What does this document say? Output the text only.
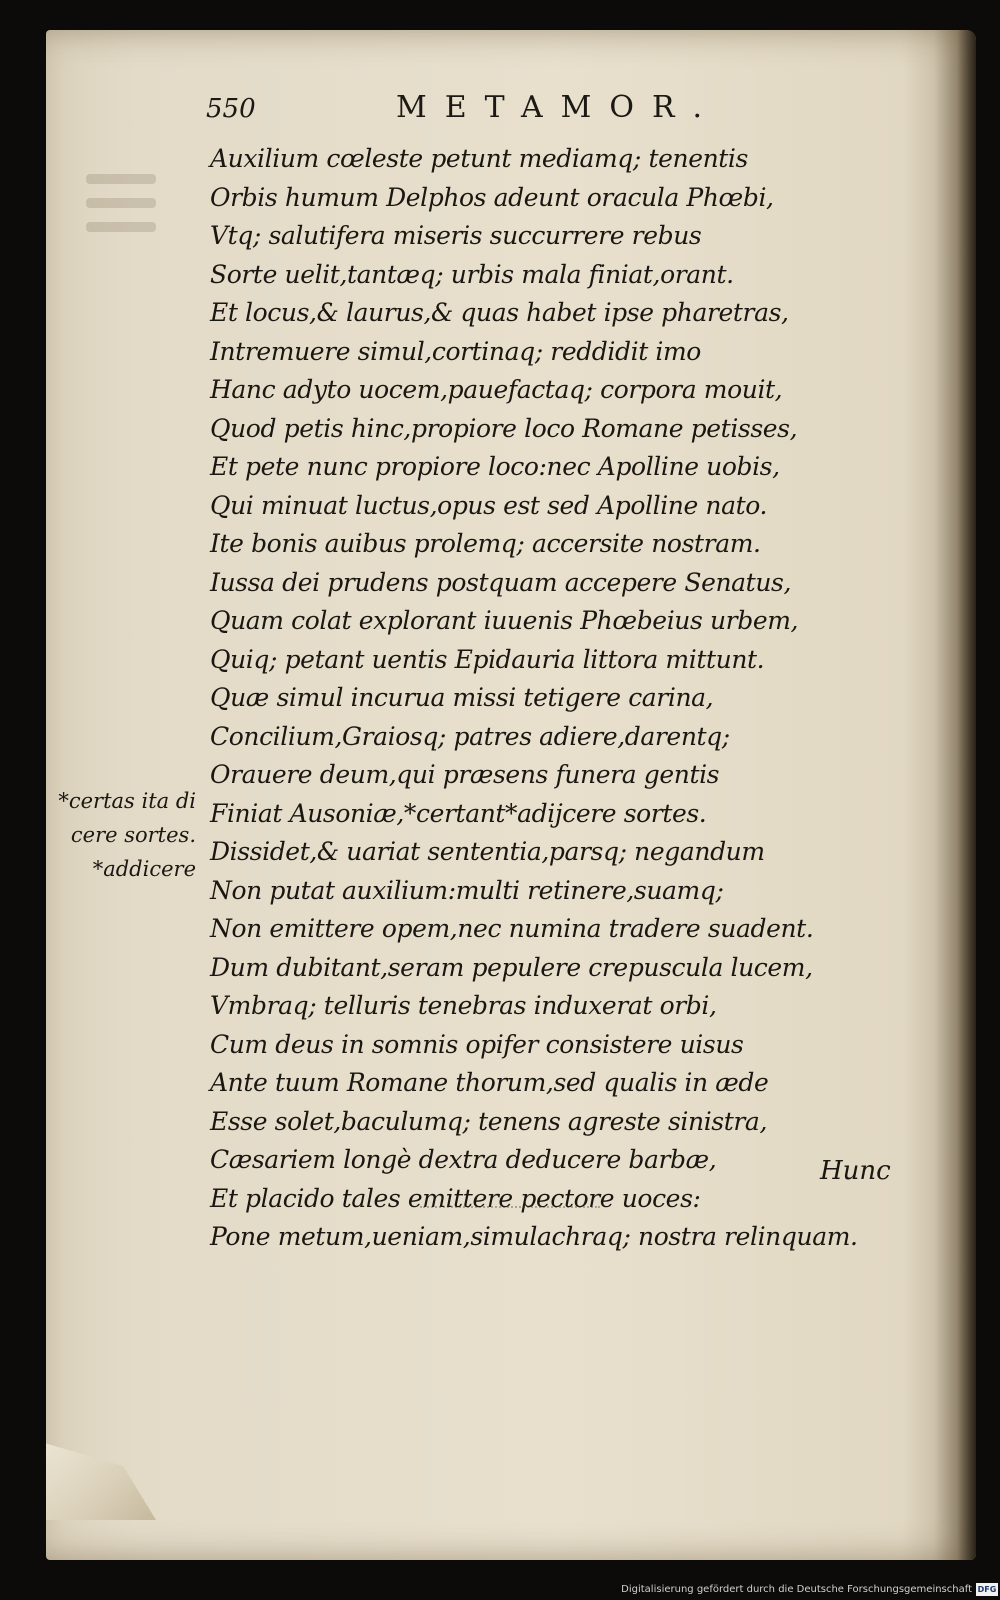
550	METAMOR.
Auxilium cœleste petunt mediamq; tenentis
Orbis humum Delphos adeunt oracula Phœbi,
Vtq; salutifera miseris succurrere rebus
Sorte uelit,tantæq; urbis mala finiat,orant.
Et locus,& laurus,& quas habet ipse pharetras,
Intremuere simul,cortinaq; reddidit imo
Hanc adyto uocem,pauefactaq; corpora mouit,
Quod petis hinc,propiore loco Romane petisses,
Et pete nunc propiore loco:nec Apolline uobis,
Qui minuat luctus,opus est sed Apolline nato.
Ite bonis auibus prolemq; accersite nostram.
Iussa dei prudens postquam accepere Senatus,
Quam colat explorant iuuenis Phœbeius urbem,
Quiq; petant uentis Epidauria littora mittunt.
Quæ simul incurua missi tetigere carina,
Concilium,Graiosq; patres adiere,darentq;
Orauere deum,qui præsens funera gentis
Finiat Ausoniæ,*certant*adijcere sortes.
Dissidet,& uariat sententia,parsq; negandum
Non putat auxilium:multi retinere,suamq;
Non emittere opem,nec numina tradere suadent.
Dum dubitant,seram pepulere crepuscula lucem,
Vmbraq; telluris tenebras induxerat orbi,
Cum deus in somnis opifer consistere uisus
Ante tuum Romane thorum,sed qualis in æde
Esse solet,baculumq; tenens agreste sinistra,
Cæsariem longè dextra deducere barbæ,
Et placido tales emittere pectore uoces:
Pone metum,ueniam,simulachraq; nostra relinquam.
Hunc
*certas ita di
cere sortes.
*addicere
Digitalisierung gefördert durch die Deutsche Forschungsgemeinschaft DFG
